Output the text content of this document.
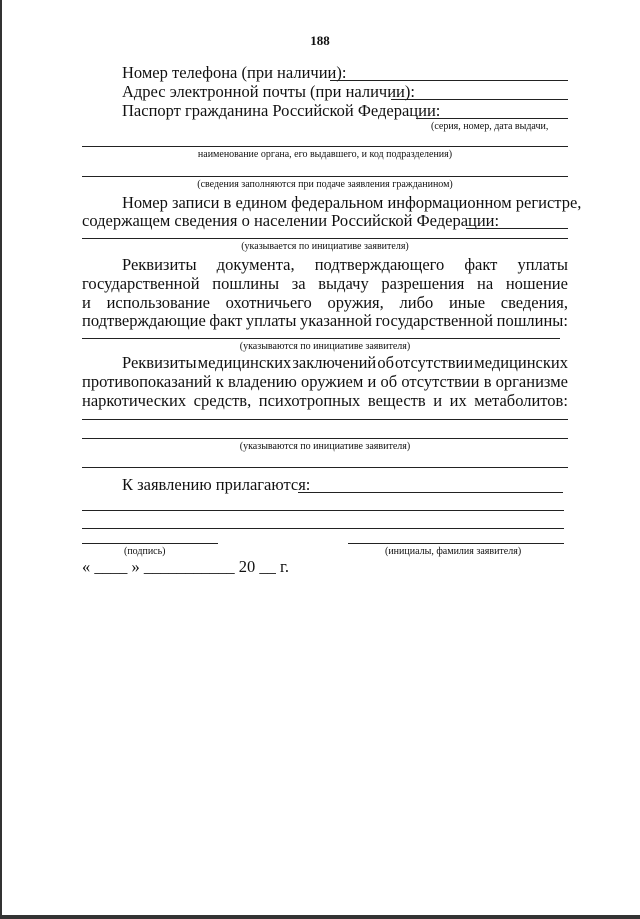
188
Номер телефона (при наличии):
Адрес электронной почты (при наличии):
Паспорт гражданина Российской Федерации:
(серия, номер, дата выдачи,
наименование органа, его выдавшего, и код подразделения)
(сведения заполняются при подаче заявления гражданином)
Номер записи в едином федеральном информационном регистре,
содержащем сведения о населении Российской Федерации:
(указывается по инициативе заявителя)
Реквизиты документа, подтверждающего факт уплаты
государственной пошлины за выдачу разрешения на ношение
и использование охотничьего оружия, либо иные сведения,
подтверждающие факт уплаты указанной государственной пошлины:
(указываются по инициативе заявителя)
Реквизиты медицинских заключений об отсутствии медицинских
противопоказаний к владению оружием и об отсутствии в организме
наркотических средств, психотропных веществ и их метаболитов:
(указываются по инициативе заявителя)
К заявлению прилагаются:
(подпись)	(инициалы, фамилия заявителя)
« ____ » ___________ 20 __ г.
